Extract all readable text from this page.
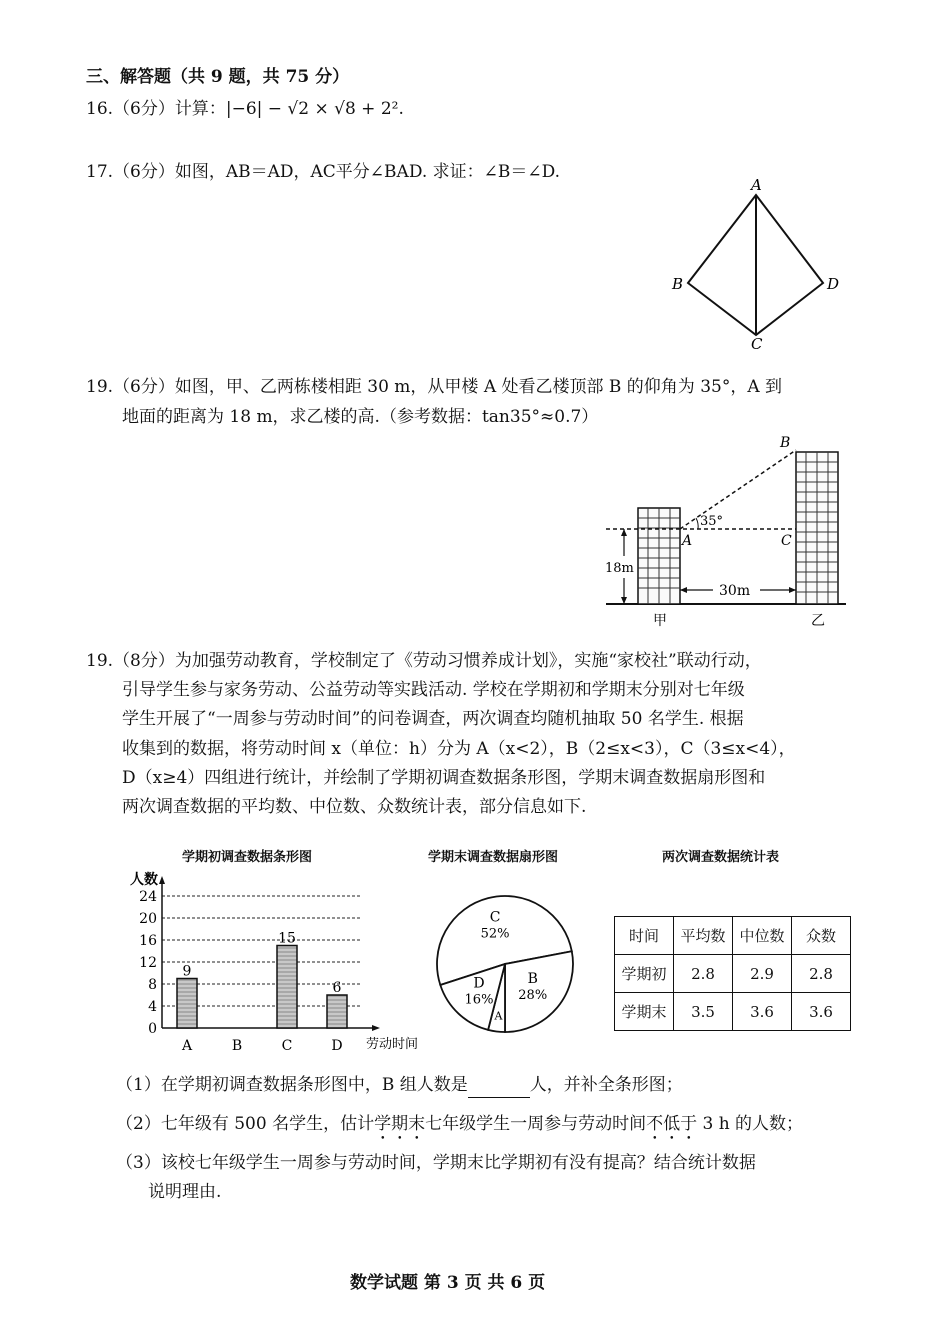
三、解答题（共 9 题，共 75 分）
16.（6分）计算：|−6| − √2 × √8 + 2².
17.（6分）如图，AB＝AD，AC平分∠BAD. 求证：∠B＝∠D.
A
B
C
D
19.（6分）如图，甲、乙两栋楼相距 30 m，从甲楼 A 处看乙楼顶部 B 的仰角为 35°，A 到
地面的距离为 18 m，求乙楼的高.（参考数据：tan35°≈0.7）
35°
A	C
B
18m
30m
甲	乙
19.（8分）为加强劳动教育，学校制定了《劳动习惯养成计划》，实施“家校社”联动行动，
引导学生参与家务劳动、公益劳动等实践活动. 学校在学期初和学期末分别对七年级
学生开展了“一周参与劳动时间”的问卷调查，两次调查均随机抽取 50 名学生. 根据
收集到的数据，将劳动时间 x（单位：h）分为 A（x<2），B（2≤x<3），C（3≤x<4），
D（x≥4）四组进行统计，并绘制了学期初调查数据条形图，学期末调查数据扇形图和
两次调查数据的平均数、中位数、众数统计表，部分信息如下.
学期初调查数据条形图	学期末调查数据扇形图	两次调查数据统计表
0
4
8
12
16
20
24
人数
劳动时间
A
9
B	C
15
D
6
C
52%
B
28%
A
D
16%
时间	平均数	中位数	众数
学期初	2.8	2.9	2.8
学期末	3.5	3.6	3.6
（1）在学期初调查数据条形图中，B 组人数是	人，并补全条形图；
（2）七年级有 500 名学生，估计学期末七年级学生一周参与劳动时间不低于 3 h 的人数；
（3）该校七年级学生一周参与劳动时间，学期末比学期初有没有提高？结合统计数据
说明理由.
数学试题 第 3 页 共 6 页
